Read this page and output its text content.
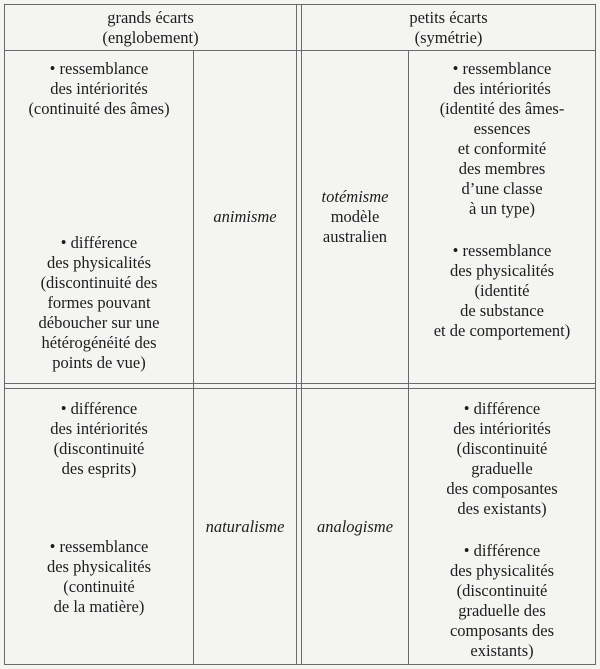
grands écarts
(englobement)
petits écarts
(symétrie)
• ressemblance
des intériorités
(continuité des âmes)
• différence
des physicalités
(discontinuité des
formes pouvant
déboucher sur une
hétérogénéité des
points de vue)
animisme
totémisme
modèle
australien
• ressemblance
des intériorités
(identité des âmes-
essences
et conformité
des membres
d’une classe
à un type)
• ressemblance
des physicalités
(identité
de substance
et de comportement)
• différence
des intériorités
(discontinuité
des esprits)
• ressemblance
des physicalités
(continuité
de la matière)
naturalisme analogisme
• différence
des intériorités
(discontinuité
graduelle
des composantes
des existants)
• différence
des physicalités
(discontinuité
graduelle des
composants des
existants)
